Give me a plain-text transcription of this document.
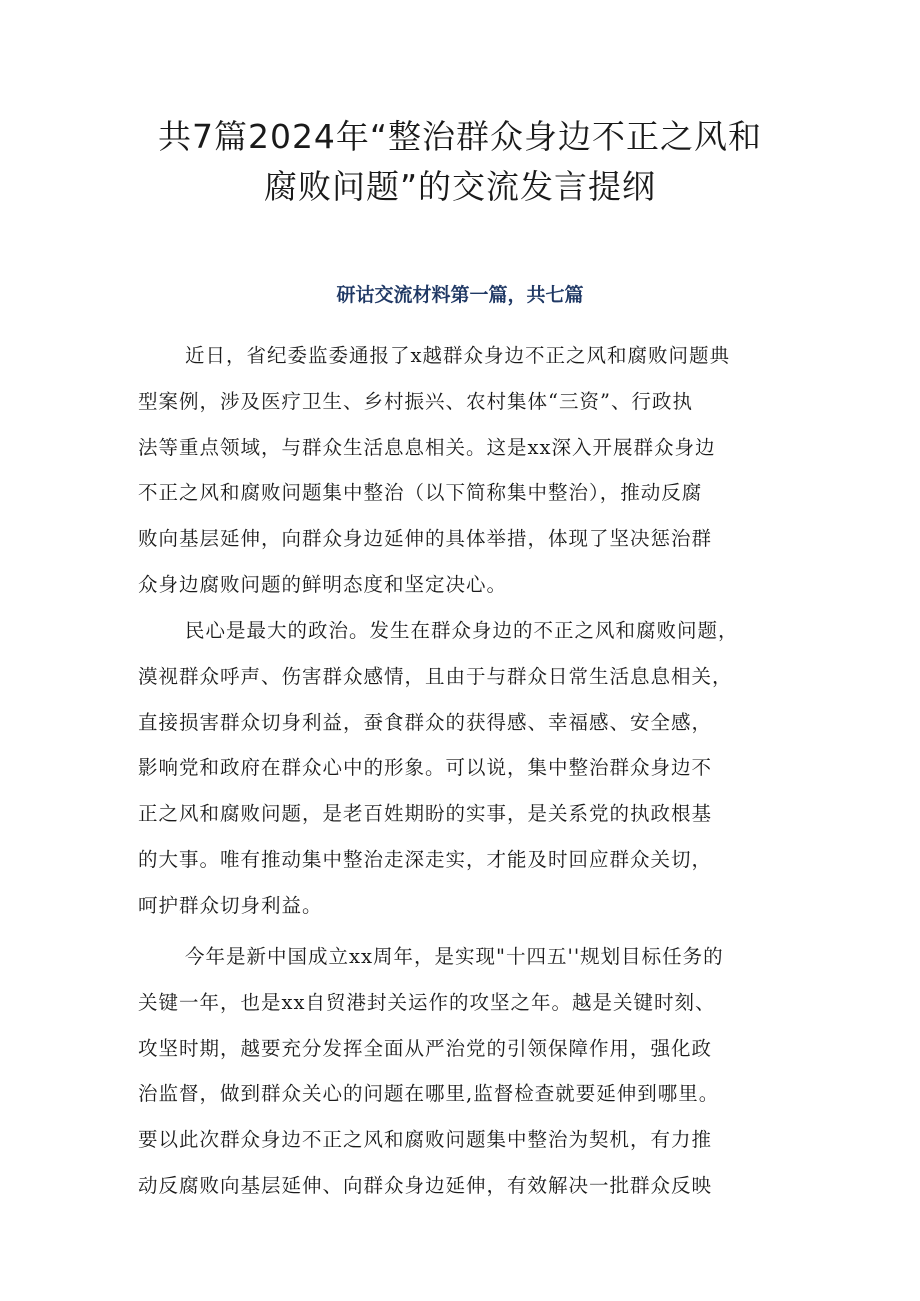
共7篇2024年“整治群众身边不正之风和
腐败问题”的交流发言提纲
研诂交流材料第一篇，共七篇

近日，省纪委监委通报了x越群众身边不正之风和腐败问题典
型案例，涉及医疗卫生、乡村振兴、农村集体“三资”、行政执
法等重点领域，与群众生活息息相关。这是xx深入开展群众身边
不正之风和腐败问题集中整治（以下简称集中整治），推动反腐
败向基层延伸，向群众身边延伸的具体举措，体现了坚决惩治群
众身边腐败问题的鲜明态度和坚定决心。

民心是最大的政治。发生在群众身边的不正之风和腐败问题，
漠视群众呼声、伤害群众感情，且由于与群众日常生活息息相关，
直接损害群众切身利益，蚕食群众的获得感、幸福感、安全感，
影响党和政府在群众心中的形象。可以说，集中整治群众身边不
正之风和腐败问题，是老百姓期盼的实事，是关系党的执政根基
的大事。唯有推动集中整治走深走实，才能及时回应群众关切，
呵护群众切身利益。

今年是新中国成立xx周年，是实现"十四五''规划目标任务的
关键一年，也是xx自贸港封关运作的攻坚之年。越是关键时刻、
攻坚时期，越要充分发挥全面从严治党的引领保障作用，强化政
治监督，做到群众关心的问题在哪里,监督检查就要延伸到哪里。
要以此次群众身边不正之风和腐败问题集中整治为契机，有力推
动反腐败向基层延伸、向群众身边延伸，有效解决一批群众反映
